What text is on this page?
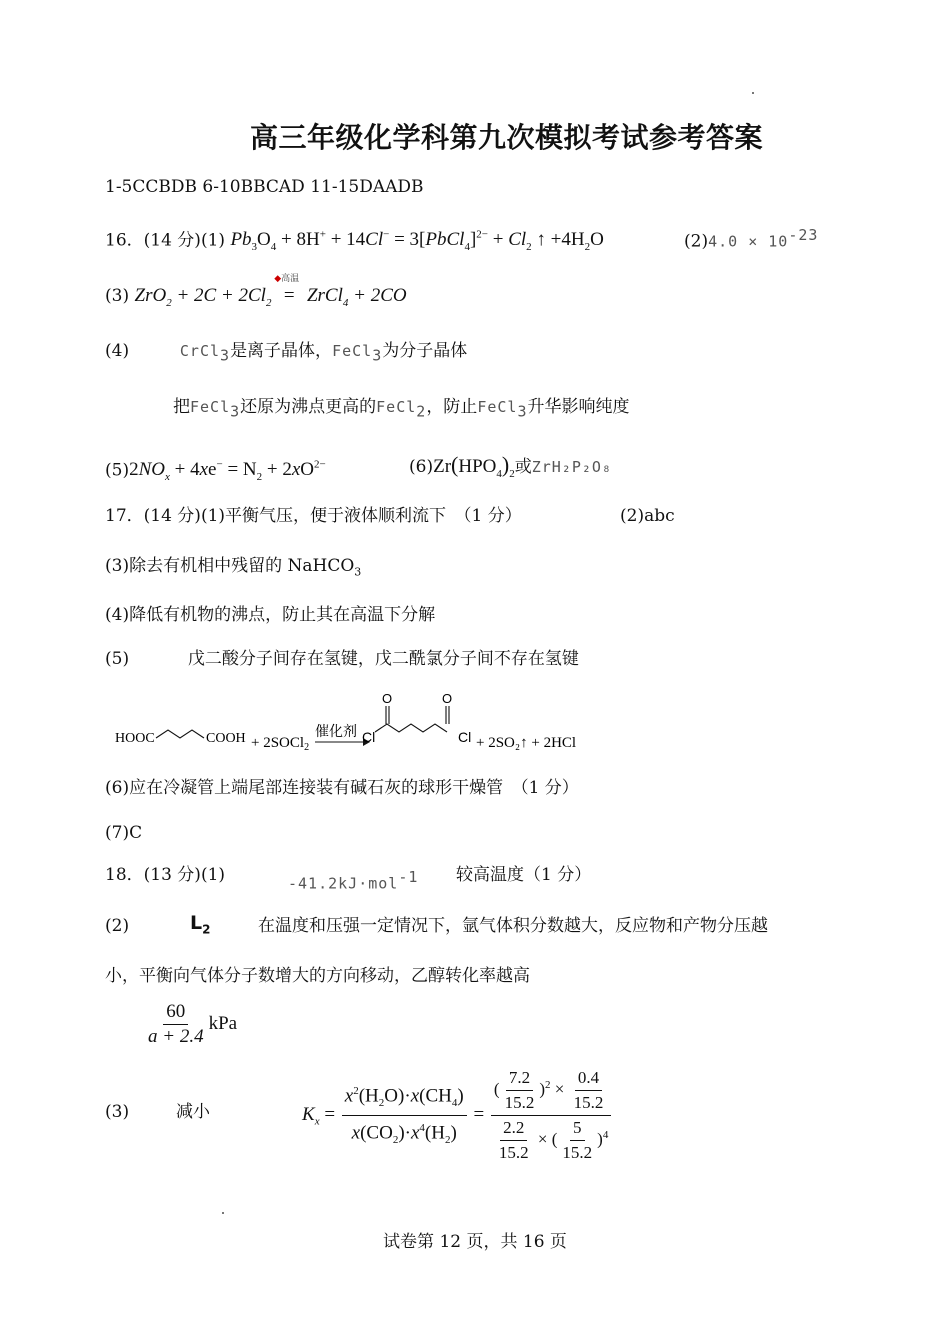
高三年级化学科第九次模拟考试参考答案
1-5CCBDB 6-10BBCAD 11-15DAADB
16．(14 分)(1) $Pb_3O_4 + 8H^+ + 14Cl^-$ = 3[PbCl$_4$]$^{2-}$ + $Cl_2$ ↑ $+4H_2O$	$(2)4.0 \times 10^{-23}$
(3) $ZrO_2 + 2C + 2Cl_2$
◆高温
= ZrCl$_4$ + 2CO
(4)	CrCl$_3$是离子晶体，FeCl$_3$为分子晶体
把FeCl$_3$还原为沸点更高的FeCl$_2$，防止FeCl$_3$升华影响纯度
$(5)2NO_x + 4xe^- = N_2 + 2xO^{2-}$	$(6)Zr(HPO_4)_2$或ZrH₂P₂O₈
17．(14 分)(1)平衡气压，便于液体顺利流下　（1 分）	(2)abc
(3)除去有机相中残留的 NaHCO$_3$
(4)降低有机物的沸点，防止其在高温下分解
(5)	戊二酸分子间存在氢键，戊二酰氯分子间不存在氢键
HOOC	COOH + 2SOCl$_2$
催化剂 Cl
O	O
Cl + 2SO₂↑ + 2HCl
(6)应在冷凝管上端尾部连接装有碱石灰的球形干燥管　（1 分）
(7)C
18．(13 分)(1)	-41.2kJ·mol$^{-1}$ 较高温度（1 分）
(2)	$L_2$	在温度和压强一定情况下，氩气体积分数越大，反应物和产物分压越
小，平衡向气体分子数增大的方向移动，乙醇转化率越高
$\frac{60}{a + 2.4}$ kPa
(3)	减小	$K_x = \frac{x^2(H_2O)\cdot x(CH_4)}{x(CO_2)\cdot x^4(H_2)} = \frac{( \frac{7.2}{15.2} )^2 \times \frac{0.4}{15.2}}{\frac{2.2}{15.2} \times ( \frac{5}{15.2} )^4}$
试卷第 12 页，共 16 页
